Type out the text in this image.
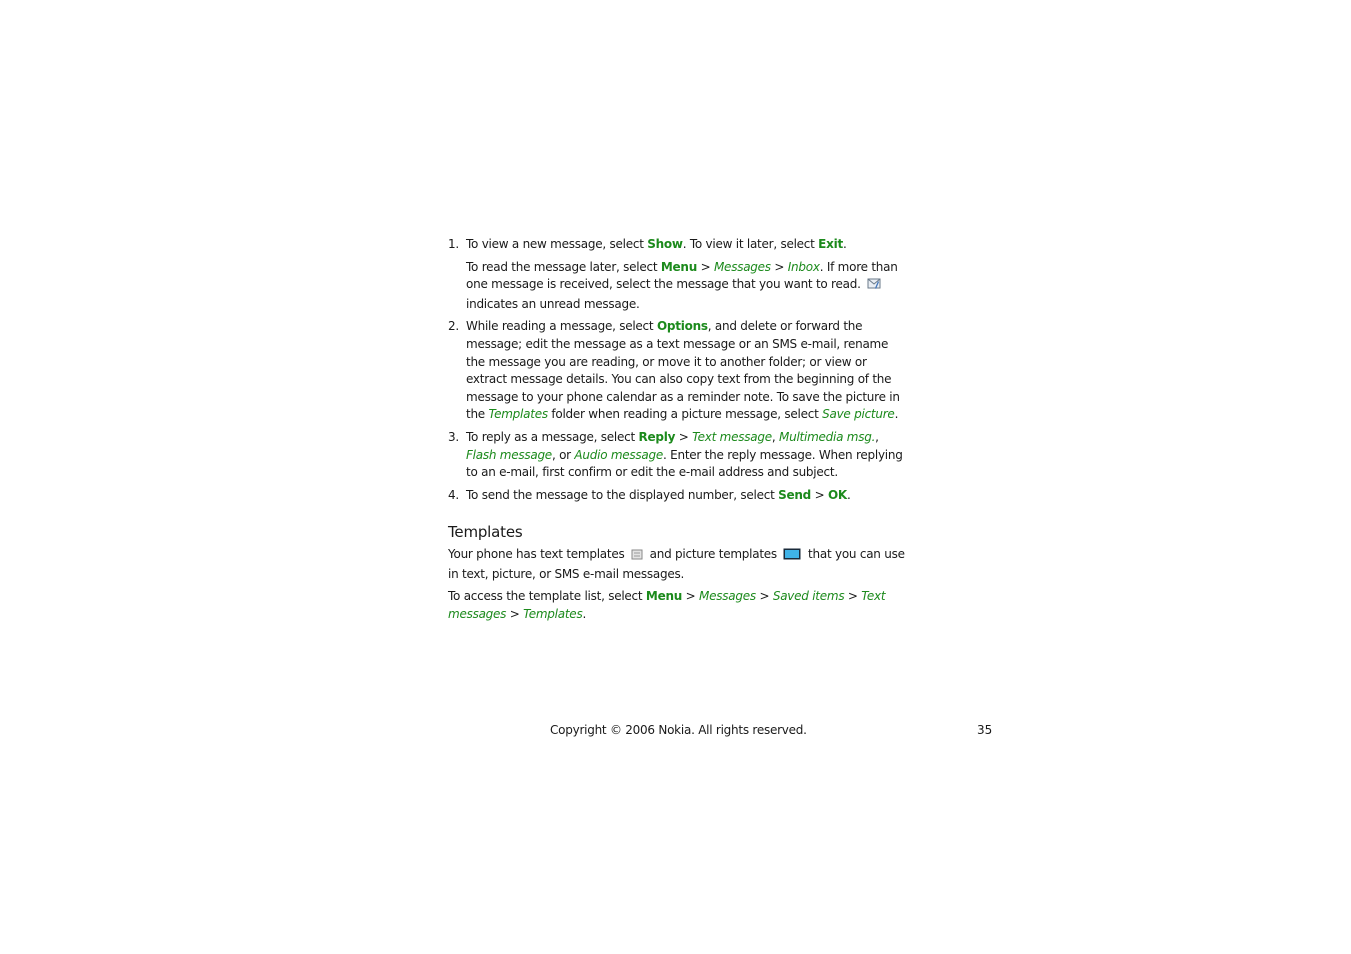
1. To view a new message, select Show. To view it later, select Exit.
To read the message later, select Menu > Messages > Inbox. If more than one message is received, select the message that you want to read.  indicates an unread message.
2. While reading a message, select Options, and delete or forward the message; edit the message as a text message or an SMS e-mail, rename the message you are reading, or move it to another folder; or view or extract message details. You can also copy text from the beginning of the message to your phone calendar as a reminder note. To save the picture in the Templates folder when reading a picture message, select Save picture.
3. To reply as a message, select Reply > Text message, Multimedia msg., Flash message, or Audio message. Enter the reply message. When replying to an e-mail, first confirm or edit the e-mail address and subject.
4. To send the message to the displayed number, select Send > OK.
Templates
Your phone has text templates  and picture templates  that you can use in text, picture, or SMS e-mail messages.
To access the template list, select Menu > Messages > Saved items > Text messages > Templates.
Copyright © 2006 Nokia. All rights reserved.	35
